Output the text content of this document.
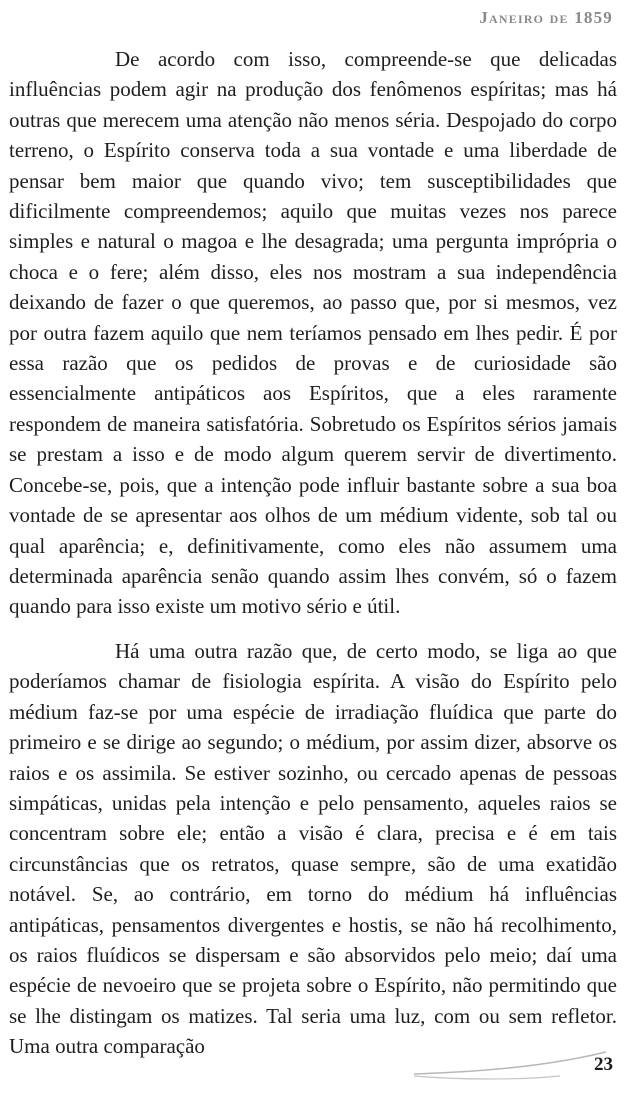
Janeiro de 1859

De acordo com isso, compreende-se que delicadas influências podem agir na produção dos fenômenos espíritas; mas há outras que merecem uma atenção não menos séria. Despojado do corpo terreno, o Espírito conserva toda a sua vontade e uma liberdade de pensar bem maior que quando vivo; tem susceptibilidades que dificilmente compreendemos; aquilo que muitas vezes nos parece simples e natural o magoa e lhe desagrada; uma pergunta imprópria o choca e o fere; além disso, eles nos mostram a sua independência deixando de fazer o que queremos, ao passo que, por si mesmos, vez por outra fazem aquilo que nem teríamos pensado em lhes pedir. É por essa razão que os pedidos de provas e de curiosidade são essencialmente antipáticos aos Espíritos, que a eles raramente respondem de maneira satisfatória. Sobretudo os Espíritos sérios jamais se prestam a isso e de modo algum querem servir de divertimento. Concebe-se, pois, que a intenção pode influir bastante sobre a sua boa vontade de se apresentar aos olhos de um médium vidente, sob tal ou qual aparência; e, definitivamente, como eles não assumem uma determinada aparência senão quando assim lhes convém, só o fazem quando para isso existe um motivo sério e útil.

Há uma outra razão que, de certo modo, se liga ao que poderíamos chamar de fisiologia espírita. A visão do Espírito pelo médium faz-se por uma espécie de irradiação fluídica que parte do primeiro e se dirige ao segundo; o médium, por assim dizer, absorve os raios e os assimila. Se estiver sozinho, ou cercado apenas de pessoas simpáticas, unidas pela intenção e pelo pensamento, aqueles raios se concentram sobre ele; então a visão é clara, precisa e é em tais circunstâncias que os retratos, quase sempre, são de uma exatidão notável. Se, ao contrário, em torno do médium há influências antipáticas, pensamentos divergentes e hostis, se não há recolhimento, os raios fluídicos se dispersam e são absorvidos pelo meio; daí uma espécie de nevoeiro que se projeta sobre o Espírito, não permitindo que se lhe distingam os matizes. Tal seria uma luz, com ou sem refletor. Uma outra comparação

23
